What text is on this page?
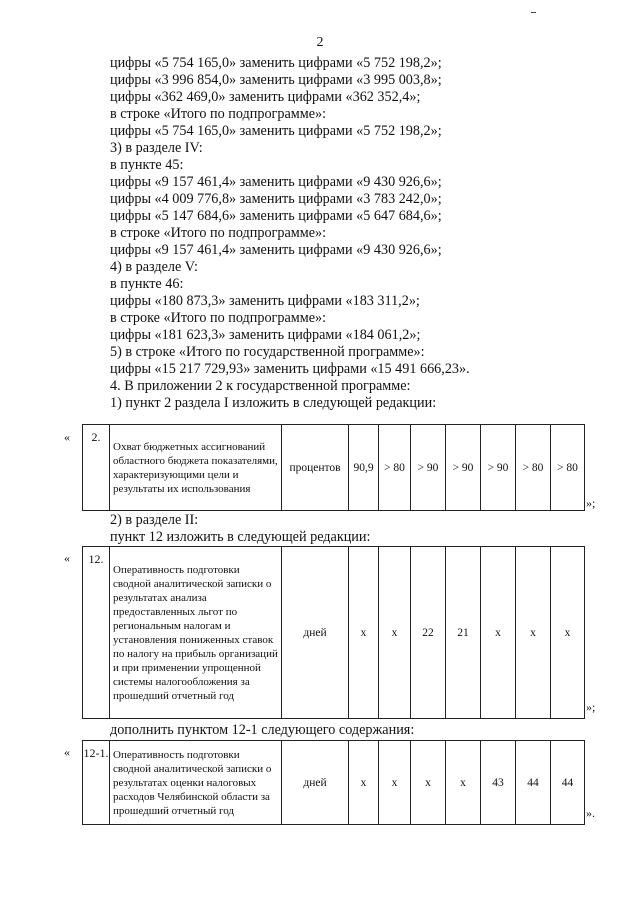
2
цифры «5 754 165,0» заменить цифрами «5 752 198,2»;
цифры «3 996 854,0» заменить цифрами «3 995 003,8»;
цифры «362 469,0» заменить цифрами «362 352,4»;
в строке «Итого по подпрограмме»:
цифры «5 754 165,0» заменить цифрами «5 752 198,2»;
3) в разделе IV:
в пункте 45:
цифры «9 157 461,4» заменить цифрами «9 430 926,6»;
цифры «4 009 776,8» заменить цифрами «3 783 242,0»;
цифры «5 147 684,6» заменить цифрами «5 647 684,6»;
в строке «Итого по подпрограмме»:
цифры «9 157 461,4» заменить цифрами «9 430 926,6»;
4) в разделе V:
в пункте 46:
цифры «180 873,3» заменить цифрами «183 311,2»;
в строке «Итого по подпрограмме»:
цифры «181 623,3» заменить цифрами «184 061,2»;
5) в строке «Итого по государственной программе»:
цифры «15 217 729,93» заменить цифрами «15 491 666,23».
4. В приложении 2 к государственной программе:
1) пункт 2 раздела I изложить в следующей редакции:
« 2.	Охват бюджетных ассигнований областного бюджета показателями, характеризующими цели и результаты их использования	процентов	90,9	> 80	> 90	> 90	> 90	> 80	> 80
»;
2) в разделе II:
пункт 12 изложить в следующей редакции:
« 12.	Оперативность подготовки сводной аналитической записки о результатах анализа предоставленных льгот по региональным налогам и установления пониженных ставок по налогу на прибыль организаций и при применении упрощенной системы налогообложения за прошедший отчетный год	дней	х	х	22	21	х	х	х
»;
дополнить пунктом 12-1 следующего содержания:
« 12-1.	Оперативность подготовки сводной аналитической записки о результатах оценки налоговых расходов Челябинской области за прошедший отчетный год	дней	х	х	х	х	43	44	44
».
